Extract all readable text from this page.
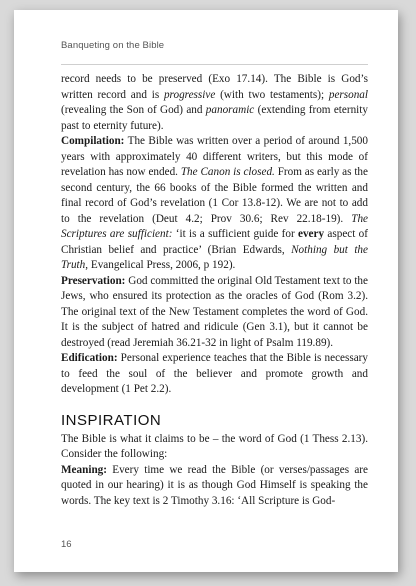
Banqueting on the Bible

record needs to be preserved (Exo 17.14). The Bible is God’s written record and is progressive (with two testaments); personal (revealing the Son of God) and panoramic (extending from eternity past to eternity future).

Compilation: The Bible was written over a period of around 1,500 years with approximately 40 different writers, but this mode of revelation has now ended. The Canon is closed. From as early as the second century, the 66 books of the Bible formed the written and final record of God’s revelation (1 Cor 13.8-12). We are not to add to the revelation (Deut 4.2; Prov 30.6; Rev 22.18-19). The Scriptures are sufficient: ‘it is a sufficient guide for every aspect of Christian belief and practice’ (Brian Edwards, Nothing but the Truth, Evangelical Press, 2006, p 192).

Preservation: God committed the original Old Testament text to the Jews, who ensured its protection as the oracles of God (Rom 3.2). The original text of the New Testament completes the word of God. It is the subject of hatred and ridicule (Gen 3.1), but it cannot be destroyed (read Jeremiah 36.21-32 in light of Psalm 119.89).

Edification: Personal experience teaches that the Bible is necessary to feed the soul of the believer and promote growth and development (1 Pet 2.2).

INSPIRATION

The Bible is what it claims to be – the word of God (1 Thess 2.13). Consider the following:

Meaning: Every time we read the Bible (or verses/passages are quoted in our hearing) it is as though God Himself is speaking the words. The key text is 2 Timothy 3.16: ‘All Scripture is God-

16
